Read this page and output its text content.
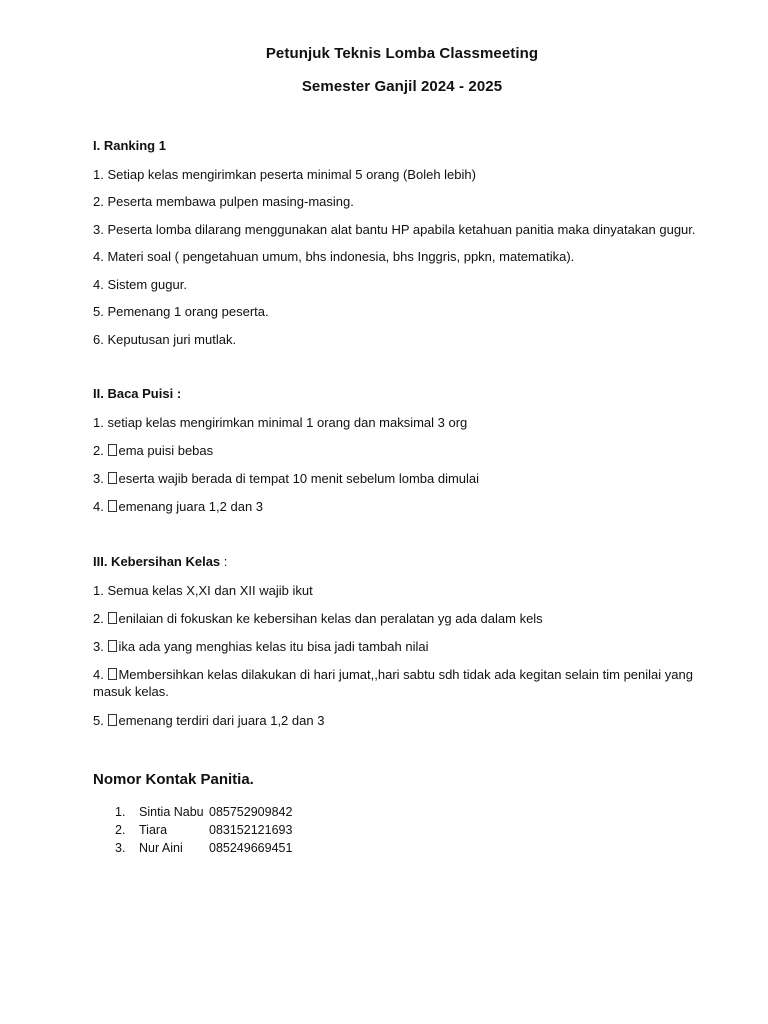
Petunjuk Teknis Lomba Classmeeting
Semester Ganjil 2024 - 2025
I. Ranking 1
1. Setiap kelas mengirimkan peserta minimal 5 orang (Boleh lebih)
2. Peserta membawa pulpen masing-masing.
3. Peserta lomba dilarang menggunakan alat bantu HP apabila ketahuan panitia maka dinyatakan gugur.
4. Materi soal ( pengetahuan umum, bhs indonesia, bhs Inggris, ppkn, matematika).
4. Sistem gugur.
5. Pemenang 1 orang peserta.
6. Keputusan juri mutlak.
II. Baca Puisi :
1. setiap kelas mengirimkan minimal 1 orang dan maksimal 3 org
2. ema puisi bebas
3. eserta wajib berada di tempat 10 menit sebelum lomba dimulai
4. emenang juara 1,2 dan 3
III. Kebersihan Kelas :
1. Semua kelas X,XI dan XII wajib ikut
2. enilaian di fokuskan ke kebersihan kelas dan peralatan yg ada dalam kels
3. ika ada yang menghias kelas itu bisa jadi tambah nilai
4. Membersihkan kelas dilakukan di hari jumat,,hari sabtu sdh tidak ada kegitan selain tim penilai yang masuk kelas.
5. emenang terdiri dari juara 1,2 dan 3
Nomor Kontak Panitia.
1.	Sintia Nabu 085752909842
2.	Tiara	083152121693
3.	Nur Aini	085249669451
